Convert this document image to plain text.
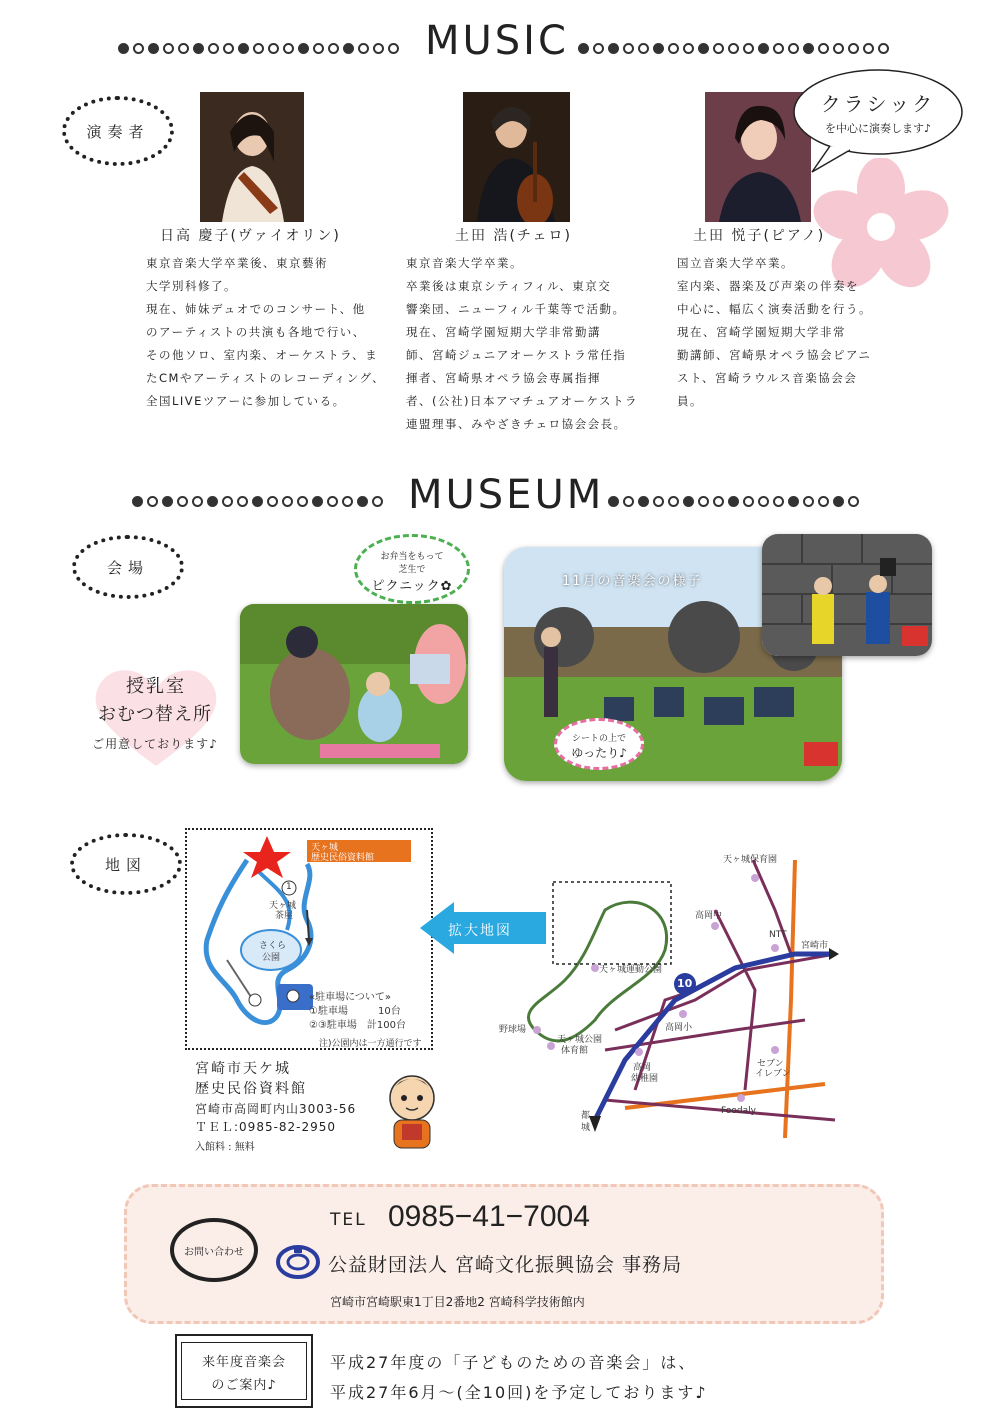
MUSIC
演奏者
クラシック
を中心に演奏します♪
日高 慶子(ヴァイオリン)
東京音楽大学卒業後、東京藝術
大学別科修了。
現在、姉妹デュオでのコンサート、他
のアーティストの共演も各地で行い、
その他ソロ、室内楽、オーケストラ、ま
たCMやアーティストのレコーディング、
全国LIVEツアーに参加している。
土田 浩(チェロ)
東京音楽大学卒業。
卒業後は東京シティフィル、東京交
響楽団、ニューフィル千葉等で活動。
現在、宮崎学園短期大学非常勤講
師、宮崎ジュニアオーケストラ常任指
揮者、宮崎県オペラ協会専属指揮
者、(公社)日本アマチュアオーケストラ
連盟理事、みやざきチェロ協会会長。
土田 悦子(ピアノ)
国立音楽大学卒業。
室内楽、器楽及び声楽の伴奏を
中心に、幅広く演奏活動を行う。
現在、宮崎学園短期大学非常
勤講師、宮崎県オペラ協会ピアニ
スト、宮崎ラウルス音楽協会会
員。
MUSEUM
会場
お弁当をもって
芝生で
ピクニック✿
授乳室
おむつ替え所
ご用意しております♪
11月の音楽会の様子
シートの上で
ゆったり♪
地図
天ヶ城
歴史民俗資料館
1
天ヶ城
茶屋
さくら
公園
«駐車場について»
①駐車場　　　10台
②③駐車場　計100台
注)公園内は一方通行です
拡大地図
天ヶ城保育園
高岡中
NTT
宮崎市
天ヶ城運動公園
10
野球場
天ヶ城公園
体育館
高岡小
高岡
幼稚園
セブン
イレブン
Foodaly
都
城
宮崎市天ケ城
歴史民俗資料館
宮崎市高岡町内山3003-56
ＴＥＬ:0985-82-2950
入館料 : 無料
お問い合わせ
TEL 0985−41−7004
公益財団法人 宮崎文化振興協会 事務局
宮崎市宮崎駅東1丁目2番地2 宮崎科学技術館内
来年度音楽会
のご案内♪
平成27年度の「子どものための音楽会」は、
平成27年6月～(全10回)を予定しております♪
